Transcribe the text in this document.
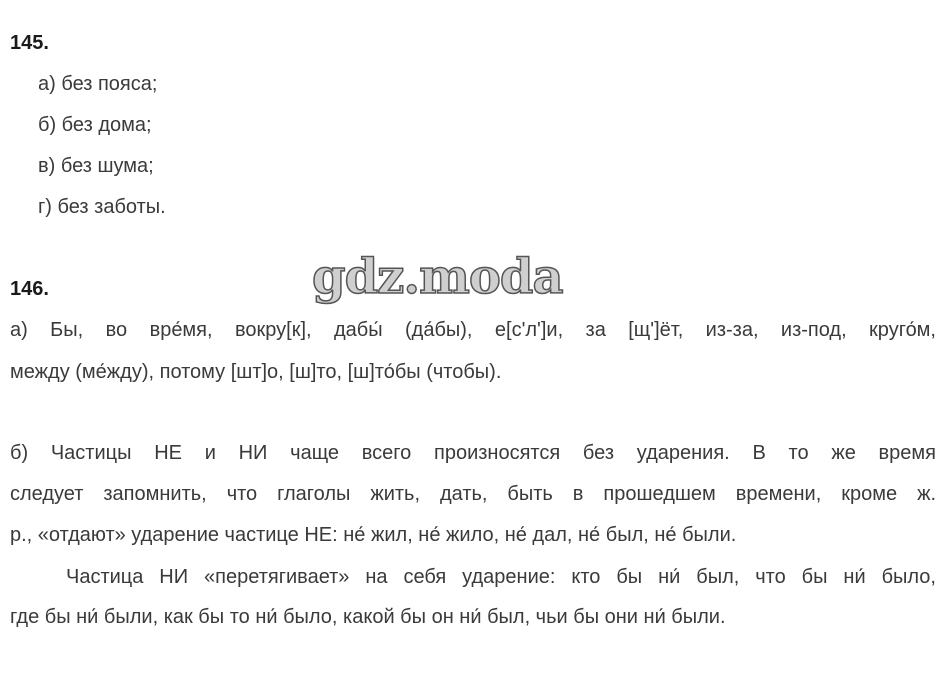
145.

а) без пояса;

б) без дома;

в) без шума;

г) без заботы.

146.

а) Бы, во вре́мя, вокру[к], дабы́ (да́бы), е[с'л']и, за [щ']ёт, из-за, из-под, круго́м,

между (ме́жду), потому [шт]о, [ш]то, [ш]то́бы (чтобы).

б) Частицы НЕ и НИ чаще всего произносятся без ударения. В то же время

следует запомнить, что глаголы жить, дать, быть в прошедшем времени, кроме ж.

р., «отдают» ударение частице НЕ: не́ жил, не́ жило, не́ дал, не́ был, не́ были.

Частица НИ «перетягивает» на себя ударение: кто бы ни́ был, что бы ни́ было,

где бы ни́ были, как бы то ни́ было, какой бы он ни́ был, чьи бы они ни́ были.

gdz.moda
